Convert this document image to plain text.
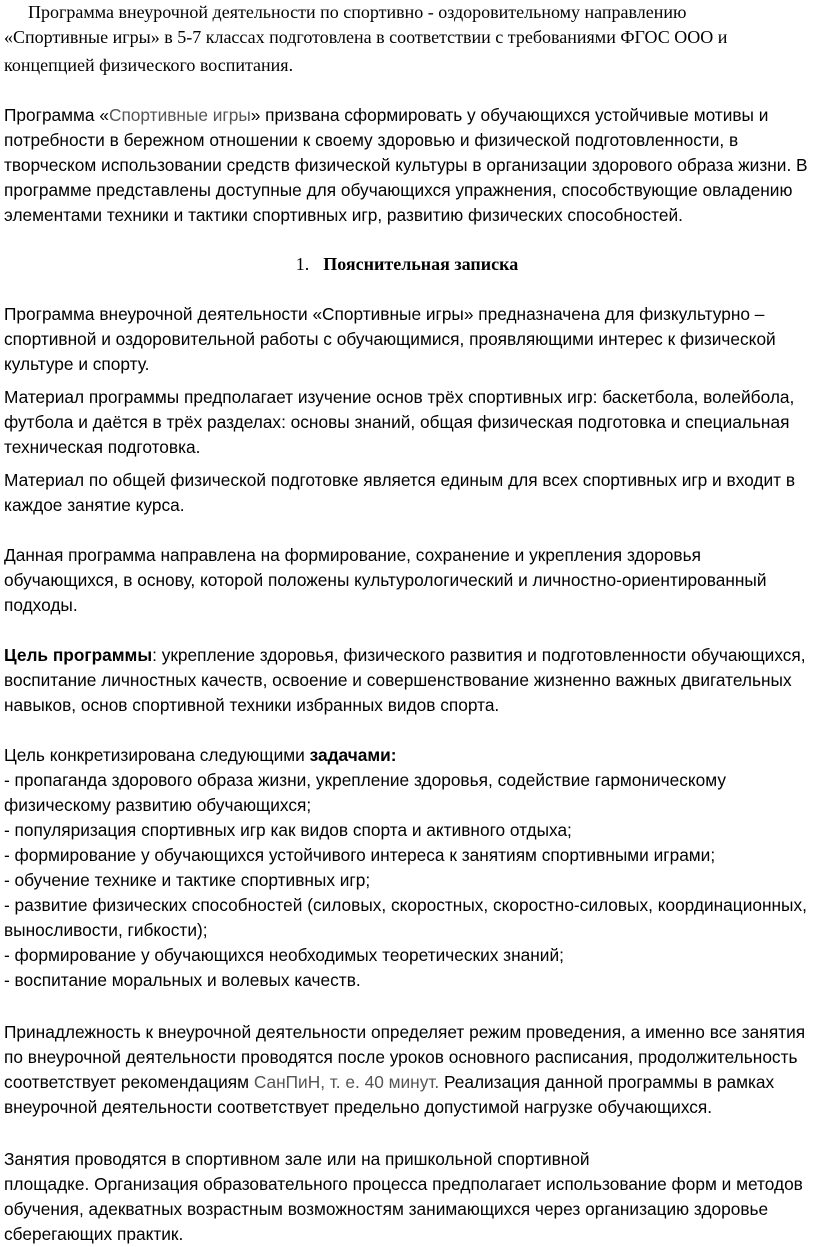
Программа внеурочной деятельности по спортивно - оздоровительному направлению

«Спортивные игры» в 5-7 классах подготовлена в соответствии с требованиями ФГОС ООО и

концепцией физического воспитания.

Программа «Спортивные игры» призвана сформировать у обучающихся устойчивые мотивы и потребности в бережном отношении к своему здоровью и физической подготовленности, в творческом использовании средств физической культуры в организации здорового образа жизни. В программе представлены доступные для обучающихся упражнения, способствующие овладению элементами техники и тактики спортивных игр, развитию физических способностей.

1. Пояснительная записка

Программа внеурочной деятельности «Спортивные игры» предназначена для физкультурно – спортивной и оздоровительной работы с обучающимися, проявляющими интерес к физической культуре и спорту.

Материал программы предполагает изучение основ трёх спортивных игр: баскетбола, волейбола, футбола и даётся в трёх разделах: основы знаний, общая физическая подготовка и специальная техническая подготовка.

Материал по общей физической подготовке является единым для всех спортивных игр и входит в каждое занятие курса.

Данная программа направлена на формирование, сохранение и укрепления здоровья обучающихся, в основу, которой положены культурологический и личностно-ориентированный подходы.

Цель программы: укрепление здоровья, физического развития и подготовленности обучающихся, воспитание личностных качеств, освоение и совершенствование жизненно важных двигательных навыков, основ спортивной техники избранных видов спорта.

Цель конкретизирована следующими задачами:

- пропаганда здорового образа жизни, укрепление здоровья, содействие гармоническому физическому развитию обучающихся;
- популяризация спортивных игр как видов спорта и активного отдыха;
- формирование у обучающихся устойчивого интереса к занятиям спортивными играми;
- обучение технике и тактике спортивных игр;
- развитие физических способностей (силовых, скоростных, скоростно-силовых, координационных, выносливости, гибкости);
- формирование у обучающихся необходимых теоретических знаний;
- воспитание моральных и волевых качеств.

Принадлежность к внеурочной деятельности определяет режим проведения, а именно все занятия по внеурочной деятельности проводятся после уроков основного расписания, продолжительность соответствует рекомендациям СанПиН, т. е. 40 минут. Реализация данной программы в рамках внеурочной деятельности соответствует предельно допустимой нагрузке обучающихся.

Занятия проводятся в спортивном зале или на пришкольной спортивной

площадке. Организация образовательного процесса предполагает использование форм и методов обучения, адекватных возрастным возможностям занимающихся через организацию здоровье сберегающих практик.
